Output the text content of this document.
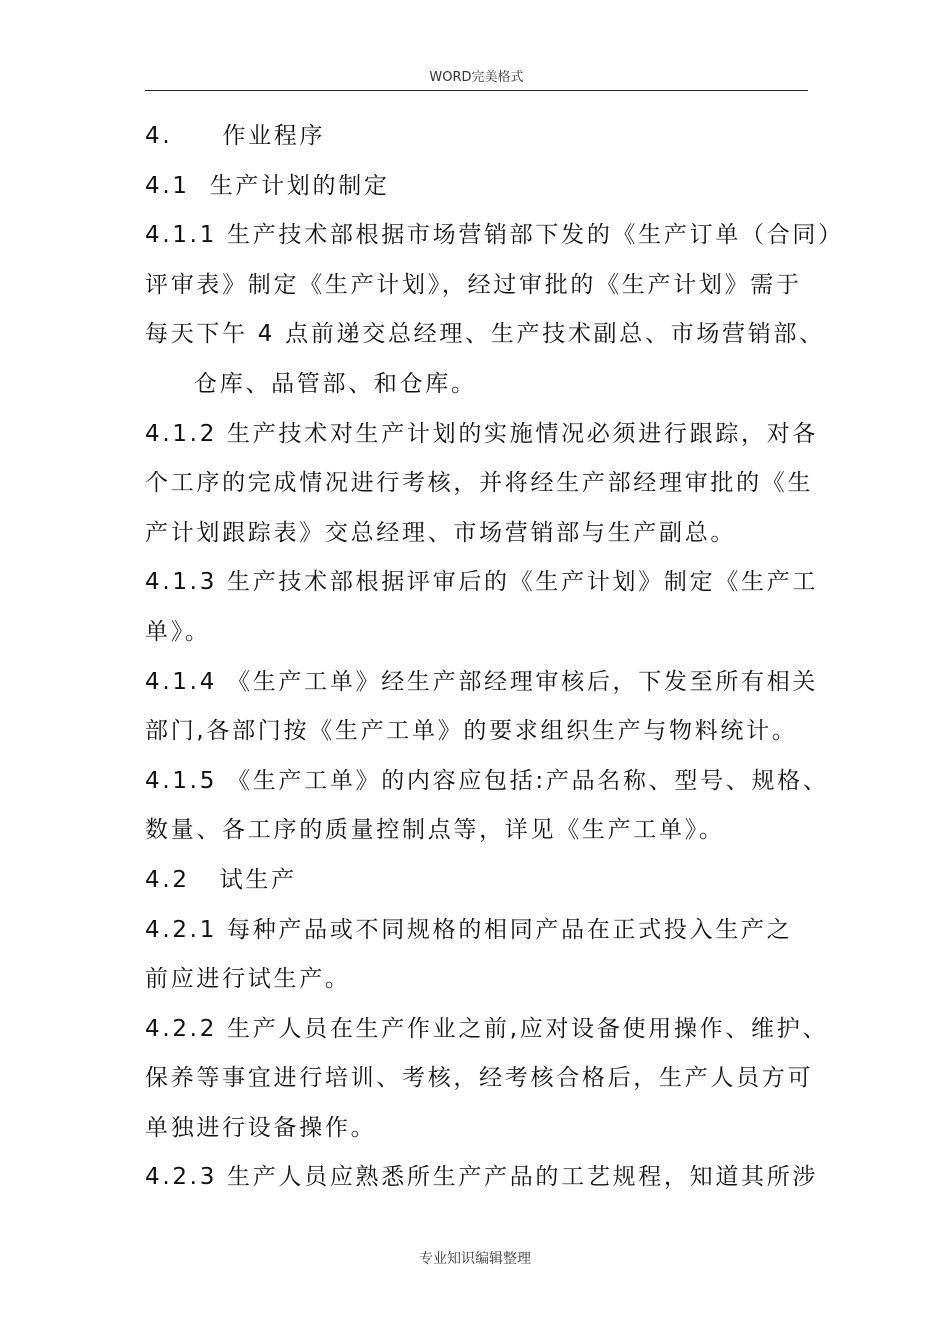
WORD完美格式
4.     作业程序
4.1  生产计划的制定
4.1.1 生产技术部根据市场营销部下发的《生产订单（合同）
评审表》制定《生产计划》，经过审批的《生产计划》需于
每天下午 4 点前递交总经理、生产技术副总、市场营销部、
仓库、品管部、和仓库。
4.1.2 生产技术对生产计划的实施情况必须进行跟踪，对各
个工序的完成情况进行考核，并将经生产部经理审批的《生
产计划跟踪表》交总经理、市场营销部与生产副总。
4.1.3 生产技术部根据评审后的《生产计划》制定《生产工
单》。
4.1.4 《生产工单》经生产部经理审核后，下发至所有相关
部门,各部门按《生产工单》的要求组织生产与物料统计。
4.1.5 《生产工单》的内容应包括:产品名称、型号、规格、
数量、各工序的质量控制点等，详见《生产工单》。
4.2   试生产
4.2.1 每种产品或不同规格的相同产品在正式投入生产之
前应进行试生产。
4.2.2 生产人员在生产作业之前,应对设备使用操作、维护、
保养等事宜进行培训、考核，经考核合格后，生产人员方可
单独进行设备操作。
4.2.3 生产人员应熟悉所生产产品的工艺规程，知道其所涉
专业知识编辑整理
